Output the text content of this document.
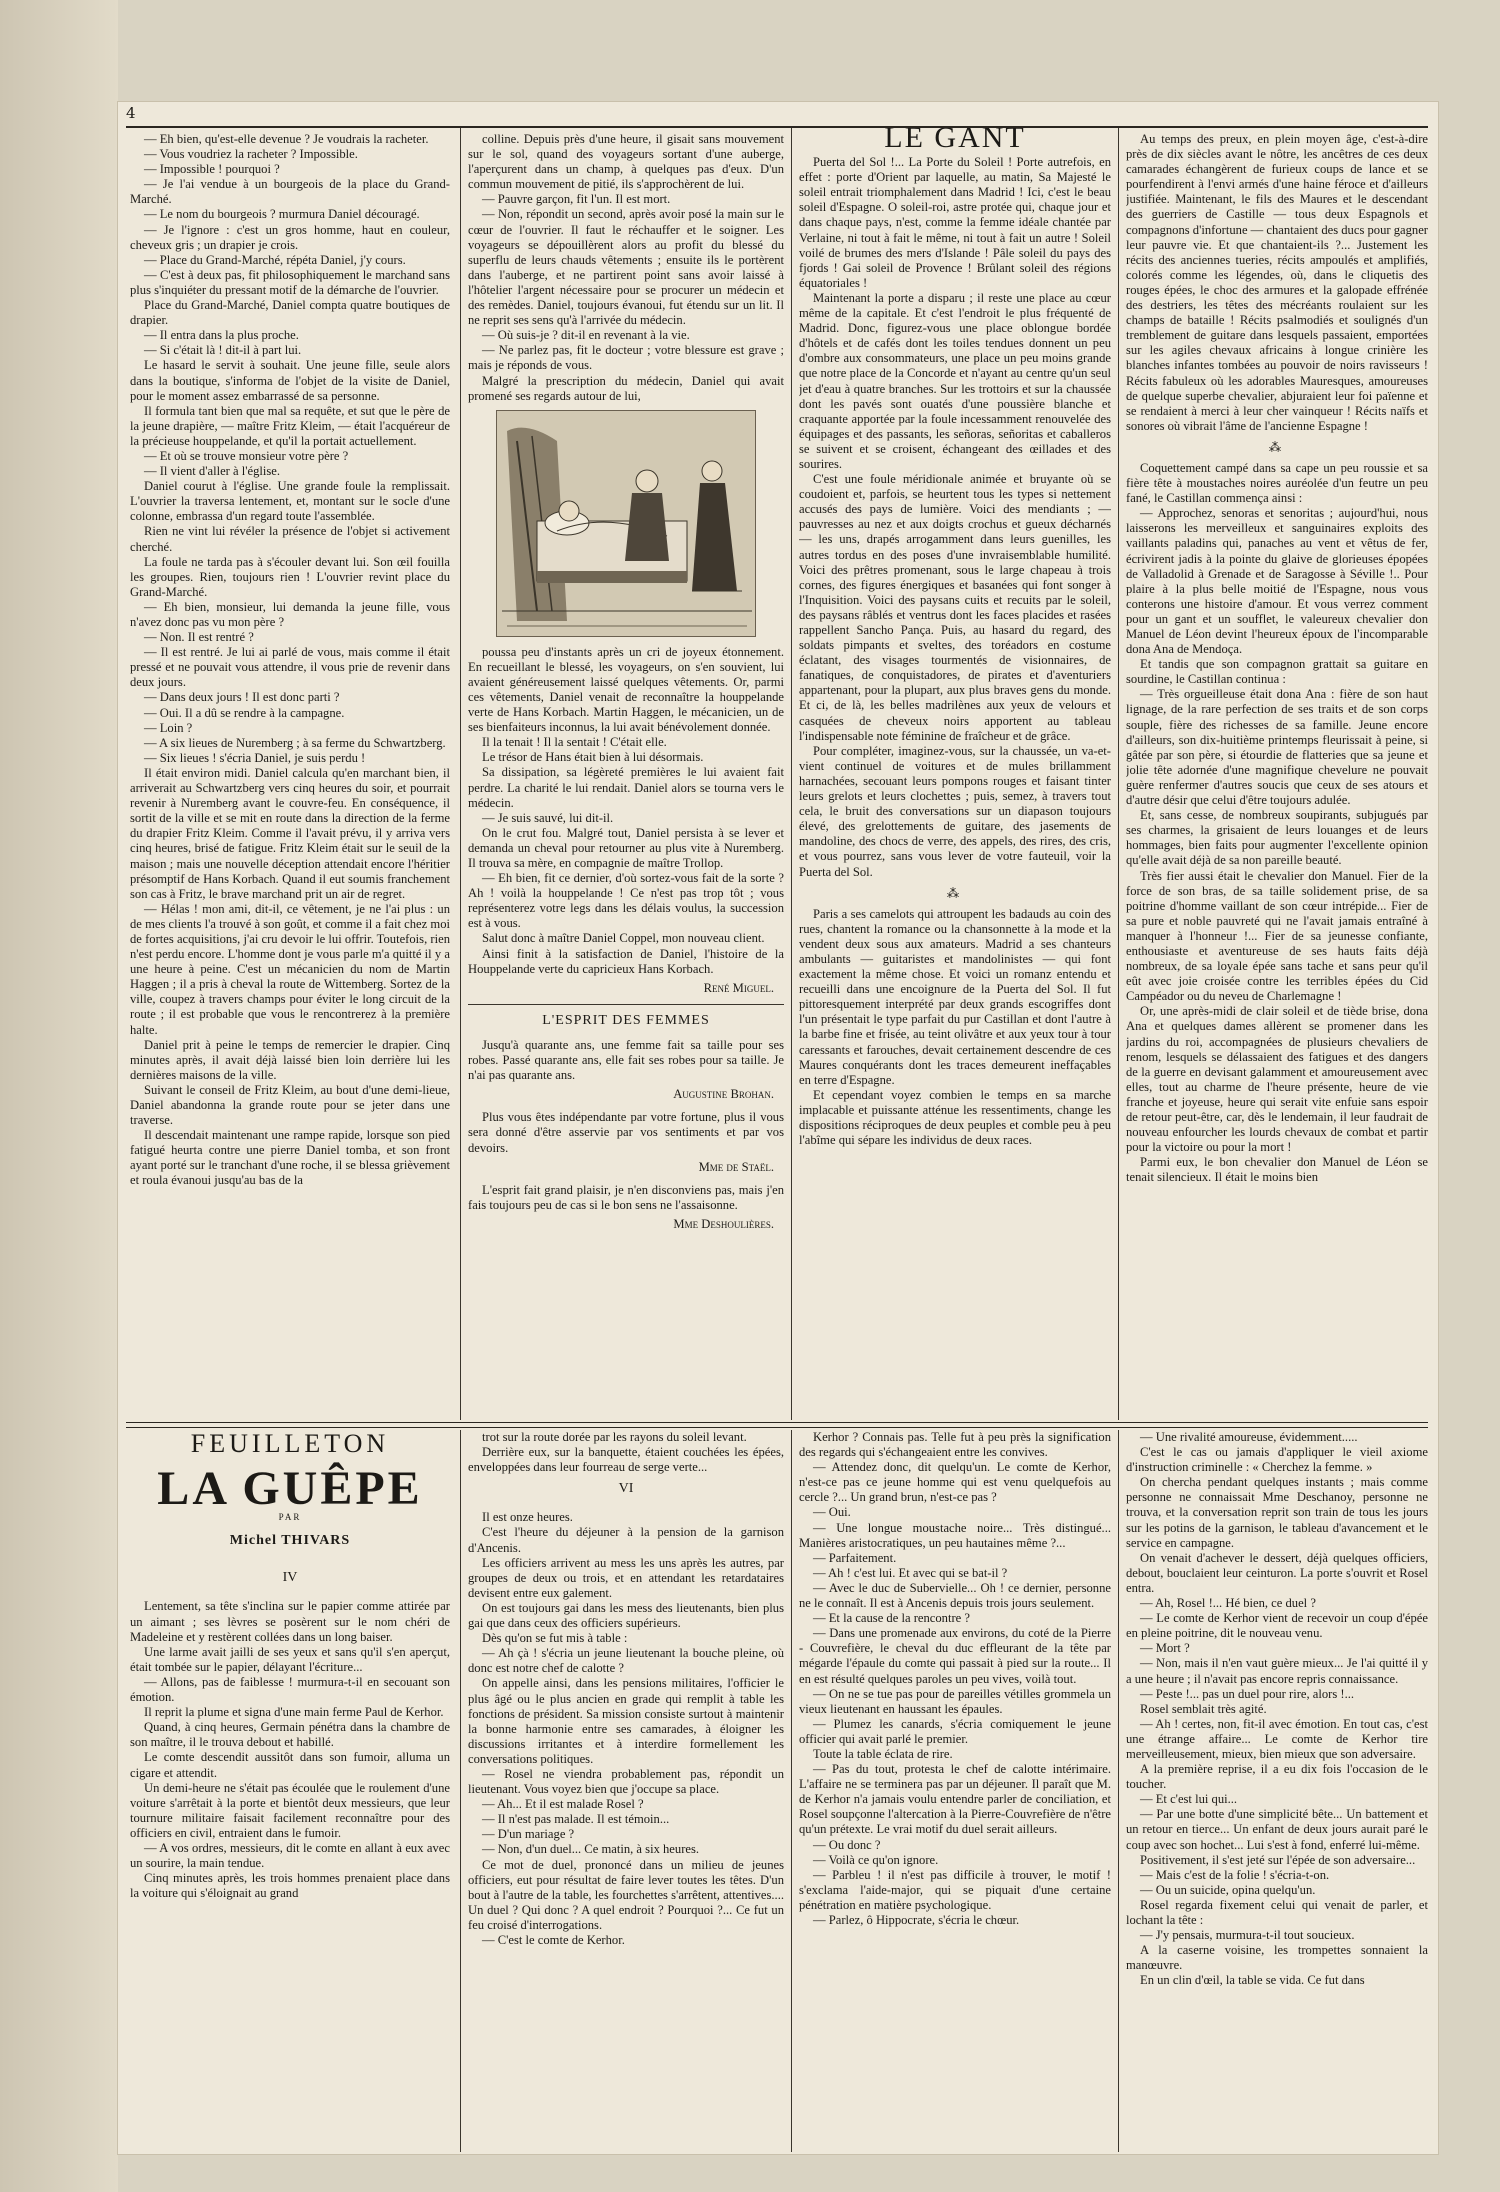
4

— Eh bien, qu'est-elle devenue ? Je voudrais la racheter.

— Vous voudriez la racheter ? Impossible.

— Impossible ! pourquoi ?

— Je l'ai vendue à un bourgeois de la place du Grand-Marché.

— Le nom du bourgeois ? murmura Daniel découragé.

— Je l'ignore : c'est un gros homme, haut en couleur, cheveux gris ; un drapier je crois.

— Place du Grand-Marché, répéta Daniel, j'y cours.

— C'est à deux pas, fit philosophiquement le marchand sans plus s'inquiéter du pressant motif de la démarche de l'ouvrier.

Place du Grand-Marché, Daniel compta quatre boutiques de drapier.

— Il entra dans la plus proche.

— Si c'était là ! dit-il à part lui.

Le hasard le servit à souhait. Une jeune fille, seule alors dans la boutique, s'informa de l'objet de la visite de Daniel, pour le moment assez embarrassé de sa personne.

Il formula tant bien que mal sa requête, et sut que le père de la jeune drapière, — maître Fritz Kleim, — était l'acquéreur de la précieuse houppelande, et qu'il la portait actuellement.

— Et où se trouve monsieur votre père ?

— Il vient d'aller à l'église.

Daniel courut à l'église. Une grande foule la remplissait. L'ouvrier la traversa lentement, et, montant sur le socle d'une colonne, embrassa d'un regard toute l'assemblée.

Rien ne vint lui révéler la présence de l'objet si activement cherché.

La foule ne tarda pas à s'écouler devant lui. Son œil fouilla les groupes. Rien, toujours rien ! L'ouvrier revint place du Grand-Marché.

— Eh bien, monsieur, lui demanda la jeune fille, vous n'avez donc pas vu mon père ?

— Non. Il est rentré ?

— Il est rentré. Je lui ai parlé de vous, mais comme il était pressé et ne pouvait vous attendre, il vous prie de revenir dans deux jours.

— Dans deux jours ! Il est donc parti ?

— Oui. Il a dû se rendre à la campagne.

— Loin ?

— A six lieues de Nuremberg ; à sa ferme du Schwartzberg.

— Six lieues ! s'écria Daniel, je suis perdu !

Il était environ midi. Daniel calcula qu'en marchant bien, il arriverait au Schwartzberg vers cinq heures du soir, et pourrait revenir à Nuremberg avant le couvre-feu. En conséquence, il sortit de la ville et se mit en route dans la direction de la ferme du drapier Fritz Kleim. Comme il l'avait prévu, il y arriva vers cinq heures, brisé de fatigue. Fritz Kleim était sur le seuil de la maison ; mais une nouvelle déception attendait encore l'héritier présomptif de Hans Korbach. Quand il eut soumis franchement son cas à Fritz, le brave marchand prit un air de regret.

— Hélas ! mon ami, dit-il, ce vêtement, je ne l'ai plus : un de mes clients l'a trouvé à son goût, et comme il a fait chez moi de fortes acquisitions, j'ai cru devoir le lui offrir. Toutefois, rien n'est perdu encore. L'homme dont je vous parle m'a quitté il y a une heure à peine. C'est un mécanicien du nom de Martin Haggen ; il a pris à cheval la route de Wittemberg. Sortez de la ville, coupez à travers champs pour éviter le long circuit de la route ; il est probable que vous le rencontrerez à la première halte.

Daniel prit à peine le temps de remercier le drapier. Cinq minutes après, il avait déjà laissé bien loin derrière lui les dernières maisons de la ville.

Suivant le conseil de Fritz Kleim, au bout d'une demi-lieue, Daniel abandonna la grande route pour se jeter dans une traverse.

Il descendait maintenant une rampe rapide, lorsque son pied fatigué heurta contre une pierre Daniel tomba, et son front ayant porté sur le tranchant d'une roche, il se blessa grièvement et roula évanoui jusqu'au bas de la

colline. Depuis près d'une heure, il gisait sans mouvement sur le sol, quand des voyageurs sortant d'une auberge, l'aperçurent dans un champ, à quelques pas d'eux. D'un commun mouvement de pitié, ils s'approchèrent de lui.

— Pauvre garçon, fit l'un. Il est mort.

— Non, répondit un second, après avoir posé la main sur le cœur de l'ouvrier. Il faut le réchauffer et le soigner. Les voyageurs se dépouillèrent alors au profit du blessé du superflu de leurs chauds vêtements ; ensuite ils le portèrent dans l'auberge, et ne partirent point sans avoir laissé à l'hôtelier l'argent nécessaire pour se procurer un médecin et des remèdes. Daniel, toujours évanoui, fut étendu sur un lit. Il ne reprit ses sens qu'à l'arrivée du médecin.

— Où suis-je ? dit-il en revenant à la vie.

— Ne parlez pas, fit le docteur ; votre blessure est grave ; mais je réponds de vous.

Malgré la prescription du médecin, Daniel qui avait promené ses regards autour de lui,

poussa peu d'instants après un cri de joyeux étonnement. En recueillant le blessé, les voyageurs, on s'en souvient, lui avaient généreusement laissé quelques vêtements. Or, parmi ces vêtements, Daniel venait de reconnaître la houppelande verte de Hans Korbach. Martin Haggen, le mécanicien, un de ses bienfaiteurs inconnus, la lui avait bénévolement donnée.

Il la tenait ! Il la sentait ! C'était elle.

Le trésor de Hans était bien à lui désormais.

Sa dissipation, sa légèreté premières le lui avaient fait perdre. La charité le lui rendait. Daniel alors se tourna vers le médecin.

— Je suis sauvé, lui dit-il.

On le crut fou. Malgré tout, Daniel persista à se lever et demanda un cheval pour retourner au plus vite à Nuremberg. Il trouva sa mère, en compagnie de maître Trollop.

— Eh bien, fit ce dernier, d'où sortez-vous fait de la sorte ? Ah ! voilà la houppelande ! Ce n'est pas trop tôt ; vous représenterez votre legs dans les délais voulus, la succession est à vous.

Salut donc à maître Daniel Coppel, mon nouveau client.

Ainsi finit à la satisfaction de Daniel, l'histoire de la Houppelande verte du capricieux Hans Korbach.

René Miguel.
L'ESPRIT DES FEMMES

Jusqu'à quarante ans, une femme fait sa taille pour ses robes. Passé quarante ans, elle fait ses robes pour sa taille. Je n'ai pas quarante ans.

Augustine Brohan.

Plus vous êtes indépendante par votre fortune, plus il vous sera donné d'être asservie par vos sentiments et par vos devoirs.

Mme de Staël.

L'esprit fait grand plaisir, je n'en disconviens pas, mais j'en fais toujours peu de cas si le bon sens ne l'assaisonne.

Mme Deshoulières.
LE GANT

Puerta del Sol !... La Porte du Soleil ! Porte autrefois, en effet : porte d'Orient par laquelle, au matin, Sa Majesté le soleil entrait triomphalement dans Madrid ! Ici, c'est le beau soleil d'Espagne. O soleil-roi, astre protée qui, chaque jour et dans chaque pays, n'est, comme la femme idéale chantée par Verlaine, ni tout à fait le même, ni tout à fait un autre ! Soleil voilé de brumes des mers d'Islande ! Pâle soleil du pays des fjords ! Gai soleil de Provence ! Brûlant soleil des régions équatoriales !

Maintenant la porte a disparu ; il reste une place au cœur même de la capitale. Et c'est l'endroit le plus fréquenté de Madrid. Donc, figurez-vous une place oblongue bordée d'hôtels et de cafés dont les toiles tendues donnent un peu d'ombre aux consommateurs, une place un peu moins grande que notre place de la Concorde et n'ayant au centre qu'un seul jet d'eau à quatre branches. Sur les trottoirs et sur la chaussée dont les pavés sont ouatés d'une poussière blanche et craquante apportée par la foule incessamment renouvelée des équipages et des passants, les señoras, señoritas et caballeros se suivent et se croisent, échangeant des œillades et des sourires.

C'est une foule méridionale animée et bruyante où se coudoient et, parfois, se heurtent tous les types si nettement accusés des pays de lumière. Voici des mendiants ; — pauvresses au nez et aux doigts crochus et gueux décharnés — les uns, drapés arrogamment dans leurs guenilles, les autres tordus en des poses d'une invraisemblable humilité. Voici des prêtres promenant, sous le large chapeau à trois cornes, des figures énergiques et basanées qui font songer à l'Inquisition. Voici des paysans cuits et recuits par le soleil, des paysans râblés et ventrus dont les faces placides et rasées rappellent Sancho Pança. Puis, au hasard du regard, des soldats pimpants et sveltes, des toréadors en costume éclatant, des visages tourmentés de visionnaires, de fanatiques, de conquistadores, de pirates et d'aventuriers appartenant, pour la plupart, aux plus braves gens du monde. Et ci, de là, les belles madrilènes aux yeux de velours et casquées de cheveux noirs apportent au tableau l'indispensable note féminine de fraîcheur et de grâce.

Pour compléter, imaginez-vous, sur la chaussée, un va-et-vient continuel de voitures et de mules brillamment harnachées, secouant leurs pompons rouges et faisant tinter leurs grelots et leurs clochettes ; puis, semez, à travers tout cela, le bruit des conversations sur un diapason toujours élevé, des grelottements de guitare, des jasements de mandoline, des chocs de verre, des appels, des rires, des cris, et vous pourrez, sans vous lever de votre fauteuil, voir la Puerta del Sol.

⁂

Paris a ses camelots qui attroupent les badauds au coin des rues, chantent la romance ou la chansonnette à la mode et la vendent deux sous aux amateurs. Madrid a ses chanteurs ambulants — guitaristes et mandolinistes — qui font exactement la même chose. Et voici un romanz entendu et recueilli dans une encoignure de la Puerta del Sol. Il fut pittoresquement interprété par deux grands escogriffes dont l'un présentait le type parfait du pur Castillan et dont l'autre à la barbe fine et frisée, au teint olivâtre et aux yeux tour à tour caressants et farouches, devait certainement descendre de ces Maures conquérants dont les traces demeurent ineffaçables en terre d'Espagne.

Et cependant voyez combien le temps en sa marche implacable et puissante atténue les ressentiments, change les dispositions réciproques de deux peuples et comble peu à peu l'abîme qui sépare les individus de deux races.

Au temps des preux, en plein moyen âge, c'est-à-dire près de dix siècles avant le nôtre, les ancêtres de ces deux camarades échangèrent de furieux coups de lance et se pourfendirent à l'envi armés d'une haine féroce et d'ailleurs justifiée. Maintenant, le fils des Maures et le descendant des guerriers de Castille — tous deux Espagnols et compagnons d'infortune — chantaient des ducs pour gagner leur pauvre vie. Et que chantaient-ils ?... Justement les récits des anciennes tueries, récits ampoulés et amplifiés, colorés comme les légendes, où, dans le cliquetis des rouges épées, le choc des armures et la galopade effrénée des destriers, les têtes des mécréants roulaient sur les champs de bataille ! Récits psalmodiés et soulignés d'un tremblement de guitare dans lesquels passaient, emportées sur les agiles chevaux africains à longue crinière les blanches infantes tombées au pouvoir de noirs ravisseurs ! Récits fabuleux où les adorables Mauresques, amoureuses de quelque superbe chevalier, abjuraient leur foi païenne et se rendaient à merci à leur cher vainqueur ! Récits naïfs et sonores où vibrait l'âme de l'ancienne Espagne !

⁂

Coquettement campé dans sa cape un peu roussie et sa fière tête à moustaches noires auréolée d'un feutre un peu fané, le Castillan commença ainsi :

— Approchez, senoras et senoritas ; aujourd'hui, nous laisserons les merveilleux et sanguinaires exploits des vaillants paladins qui, panaches au vent et vêtus de fer, écrivirent jadis à la pointe du glaive de glorieuses épopées de Valladolid à Grenade et de Saragosse à Séville !.. Pour plaire à la plus belle moitié de l'Espagne, nous vous conterons une histoire d'amour. Et vous verrez comment pour un gant et un soufflet, le valeureux chevalier don Manuel de Léon devint l'heureux époux de l'incomparable dona Ana de Mendoça.

Et tandis que son compagnon grattait sa guitare en sourdine, le Castillan continua :

— Très orgueilleuse était dona Ana : fière de son haut lignage, de la rare perfection de ses traits et de son corps souple, fière des richesses de sa famille. Jeune encore d'ailleurs, son dix-huitième printemps fleurissait à peine, si gâtée par son père, si étourdie de flatteries que sa jeune et jolie tête adornée d'une magnifique chevelure ne pouvait guère renfermer d'autres soucis que ceux de ses atours et d'autre désir que celui d'être toujours adulée.

Et, sans cesse, de nombreux soupirants, subjugués par ses charmes, la grisaient de leurs louanges et de leurs hommages, bien faits pour augmenter l'excellente opinion qu'elle avait déjà de sa non pareille beauté.

Très fier aussi était le chevalier don Manuel. Fier de la force de son bras, de sa taille solidement prise, de sa poitrine d'homme vaillant de son cœur intrépide... Fier de sa pure et noble pauvreté qui ne l'avait jamais entraîné à manquer à l'honneur !... Fier de sa jeunesse confiante, enthousiaste et aventureuse de ses hauts faits déjà nombreux, de sa loyale épée sans tache et sans peur qu'il eût avec joie croisée contre les terribles épées du Cid Campéador ou du neveu de Charlemagne !

Or, une après-midi de clair soleil et de tiède brise, dona Ana et quelques dames allèrent se promener dans les jardins du roi, accompagnées de plusieurs chevaliers de renom, lesquels se délassaient des fatigues et des dangers de la guerre en devisant galamment et amoureusement avec elles, tout au charme de l'heure présente, heure de vie franche et joyeuse, heure qui serait vite enfuie sans espoir de retour peut-être, car, dès le lendemain, il leur faudrait de nouveau enfourcher les lourds chevaux de combat et partir pour la victoire ou pour la mort !

Parmi eux, le bon chevalier don Manuel de Léon se tenait silencieux. Il était le moins bien

FEUILLETON
LA GUÊPE
PAR
Michel THIVARS
IV

Lentement, sa tête s'inclina sur le papier comme attirée par un aimant ; ses lèvres se posèrent sur le nom chéri de Madeleine et y restèrent collées dans un long baiser.

Une larme avait jailli de ses yeux et sans qu'il s'en aperçut, était tombée sur le papier, délayant l'écriture...

— Allons, pas de faiblesse ! murmura-t-il en secouant son émotion.

Il reprit la plume et signa d'une main ferme Paul de Kerhor.

Quand, à cinq heures, Germain pénétra dans la chambre de son maître, il le trouva debout et habillé.

Le comte descendit aussitôt dans son fumoir, alluma un cigare et attendit.

Un demi-heure ne s'était pas écoulée que le roulement d'une voiture s'arrêtait à la porte et bientôt deux messieurs, que leur tournure militaire faisait facilement reconnaître pour des officiers en civil, entraient dans le fumoir.

— A vos ordres, messieurs, dit le comte en allant à eux avec un sourire, la main tendue.

Cinq minutes après, les trois hommes prenaient place dans la voiture qui s'éloignait au grand

trot sur la route dorée par les rayons du soleil levant.

Derrière eux, sur la banquette, étaient couchées les épées, enveloppées dans leur fourreau de serge verte...

VI

Il est onze heures.

C'est l'heure du déjeuner à la pension de la garnison d'Ancenis.

Les officiers arrivent au mess les uns après les autres, par groupes de deux ou trois, et en attendant les retardataires devisent entre eux galement.

On est toujours gai dans les mess des lieutenants, bien plus gai que dans ceux des officiers supérieurs.

Dès qu'on se fut mis à table :

— Ah çà ! s'écria un jeune lieutenant la bouche pleine, où donc est notre chef de calotte ?

On appelle ainsi, dans les pensions militaires, l'officier le plus âgé ou le plus ancien en grade qui remplit à table les fonctions de président. Sa mission consiste surtout à maintenir la bonne harmonie entre ses camarades, à éloigner les discussions irritantes et à interdire formellement les conversations politiques.

— Rosel ne viendra probablement pas, répondit un lieutenant. Vous voyez bien que j'occupe sa place.

— Ah... Et il est malade Rosel ?

— Il n'est pas malade. Il est témoin...

— D'un mariage ?

— Non, d'un duel... Ce matin, à six heures.

Ce mot de duel, prononcé dans un milieu de jeunes officiers, eut pour résultat de faire lever toutes les têtes. D'un bout à l'autre de la table, les fourchettes s'arrêtent, attentives.... Un duel ? Qui donc ? A quel endroit ? Pourquoi ?... Ce fut un feu croisé d'interrogations.

— C'est le comte de Kerhor.

Kerhor ? Connais pas. Telle fut à peu près la signification des regards qui s'échangeaient entre les convives.

— Attendez donc, dit quelqu'un. Le comte de Kerhor, n'est-ce pas ce jeune homme qui est venu quelquefois au cercle ?... Un grand brun, n'est-ce pas ?

— Oui.

— Une longue moustache noire... Très distingué... Manières aristocratiques, un peu hautaines même ?...

— Parfaitement.

— Ah ! c'est lui. Et avec qui se bat-il ?

— Avec le duc de Subervielle... Oh ! ce dernier, personne ne le connaît. Il est à Ancenis depuis trois jours seulement.

— Et la cause de la rencontre ?

— Dans une promenade aux environs, du coté de la Pierre - Couvrefière, le cheval du duc effleurant de la tête par mégarde l'épaule du comte qui passait à pied sur la route... Il en est résulté quelques paroles un peu vives, voilà tout.

— On ne se tue pas pour de pareilles vétilles grommela un vieux lieutenant en haussant les épaules.

— Plumez les canards, s'écria comiquement le jeune officier qui avait parlé le premier.

Toute la table éclata de rire.

— Pas du tout, protesta le chef de calotte intérimaire. L'affaire ne se terminera pas par un déjeuner. Il paraît que M. de Kerhor n'a jamais voulu entendre parler de conciliation, et Rosel soupçonne l'altercation à la Pierre-Couvrefière de n'être qu'un prétexte. Le vrai motif du duel serait ailleurs.

— Ou donc ?

— Voilà ce qu'on ignore.

— Parbleu ! il n'est pas difficile à trouver, le motif ! s'exclama l'aide-major, qui se piquait d'une certaine pénétration en matière psychologique.

— Parlez, ô Hippocrate, s'écria le chœur.

— Une rivalité amoureuse, évidemment.....

C'est le cas ou jamais d'appliquer le vieil axiome d'instruction criminelle : « Cherchez la femme. »

On chercha pendant quelques instants ; mais comme personne ne connaissait Mme Deschanoy, personne ne trouva, et la conversation reprit son train de tous les jours sur les potins de la garnison, le tableau d'avancement et le service en campagne.

On venait d'achever le dessert, déjà quelques officiers, debout, bouclaient leur ceinturon. La porte s'ouvrit et Rosel entra.

— Ah, Rosel !... Hé bien, ce duel ?

— Le comte de Kerhor vient de recevoir un coup d'épée en pleine poitrine, dit le nouveau venu.

— Mort ?

— Non, mais il n'en vaut guère mieux... Je l'ai quitté il y a une heure ; il n'avait pas encore repris connaissance.

— Peste !... pas un duel pour rire, alors !...

Rosel semblait très agité.

— Ah ! certes, non, fit-il avec émotion. En tout cas, c'est une étrange affaire... Le comte de Kerhor tire merveilleusement, mieux, bien mieux que son adversaire.

A la première reprise, il a eu dix fois l'occasion de le toucher.

— Et c'est lui qui...

— Par une botte d'une simplicité bête... Un battement et un retour en tierce... Un enfant de deux jours aurait paré le coup avec son hochet... Lui s'est à fond, enferré lui-même.

Positivement, il s'est jeté sur l'épée de son adversaire...

— Mais c'est de la folie ! s'écria-t-on.

— Ou un suicide, opina quelqu'un.

Rosel regarda fixement celui qui venait de parler, et lochant la tête :

— J'y pensais, murmura-t-il tout soucieux.

A la caserne voisine, les trompettes sonnaient la manœuvre.

En un clin d'œil, la table se vida. Ce fut dans
